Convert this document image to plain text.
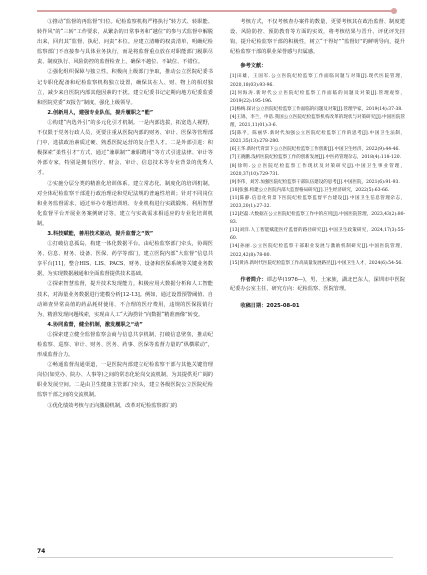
③推动“监督的再监督”归位。纪检监察机构严格执行“转方式、转职能、转作风”的“三转”工作要求，从繁杂的日常事务和“越位”的参与式监督中解脱出来，回归其“监督、执纪、问责”本位。应建立清晰的权责清单，明确纪检监察部门不直接参与具体业务执行，而是将监督重点放在对职能部门履职尽责、制度执行、风险防控的监督检查上，确保不越位、不缺位、不错位。

②强化组织保障与独立性。积极向上级部门争取，推动公立医院纪委书记专职化配备和纪检监察机构独立设置，确保其在人、财、物上的相对独立，减少来自医院内部其他因素的干扰。建立纪委书记定期向地方纪委监委和医院党委“双报告”制度，强化上级领导。

2.创新用人，建强专业队伍，提升履职之“能”

①构建“内选外引”的多元化引才机制。一是内部选拔，拓宽选人视野，不仅限于党务行政人员，更要注重从医院内部的财务、审计、医保等管理部门中，选拔政治素质过硬、熟悉医院运营的复合型人才。二是外部引进：积极探索“柔性引才”方式，通过“兼职制”“兼职聘用”等方式引进法律、审计等外部专家，特别是拥有医疗、财会、审计、信息技术等专业背景的优秀人才。

②实施分层分类的精准化培训体系。建立常态化、制度化的培训机制。对全体纪检监察干部进行政治理论和党纪法规的普遍性培训；针对不同岗位和业务监督需求，通过举办专题培训班、专业机构进行实践锻炼、利用智慧化监督平台开展业务案例研讨等，建立与实战需求相适应的专业化培训机制。

3.科技赋能，善用技术驱动，提升监督之“效”

①打破信息孤岛，构建一体化数据平台。由纪检监察部门牵头，协调医务、信息、财务、设备、医保、药学等部门，建立医院内部“大监督”信息共享平台[11]，整合HIS、LIS、PACS、财务、设备和医保系统等关键业务数据，为实现数据融通和全面监督提供技术基础。

②探索智慧监督，提升技术发现能力。积极应用大数据分析和人工智能技术，对海量业务数据进行建模分析[12-13]。例如，通过设置预警阈值、自动筛查异常高值的药品耗材使用、不合理的医疗费用，违规的医保报销行为，精准发现问题线索，实现由人工“大海捞针”向数据“精准画像”转变。

4.协同监督，健全机制，激发履职之“动”

①探索建立健全监督监察会商与信息共享机制，打破信息壁垒，推动纪检监察、巡察、审计、财务、医务、药事、医保等监督力量的“纵横联动”，形成监督合力。

②畅通监督沟通渠道，一是医院内部建立纪检监察干部与其他关键管理岗位(如党办、院办、人事等)之间的常态化轮岗交流机制，为其提供更广阔的职业发展空间。二是由卫生健康主管部门牵头，建立各级医院公立医院纪检监察干部之间的交流机制。

③优化绩效考核与正向激励机制，改革对纪检监察部门的

考核方式，不仅考核查办案件的数量，更要考核其在政治监督、制度建设、风险防控、预防教育等方面的实效，将考核结果与晋升、评优评先挂钩，提升纪检监察干部的积极性，树立“干得好”“监督好”的鲜明导向，提升纪检监察干部的职业荣誉感与归属感。

参考文献：
[1]田雄，王国军.公立医院纪检监察工作面临问题与对策[J].现代医院管理，2020,18(03):93-96.
[2]何海涛.新时代公立医院纪检监察工作面临的问题及对策[J].管理观察，2019(22):195-196.
[3]杨梅.探讨公立医院纪检监察工作面临的问题及对策[J].管理学家，2019(14):37-38.
[4]王锦，李兰，申蓓.我国公立医院纪检监察机构改革的现状与对策研究[J].中国医院管理，2021,11(01):3-6.
[5]陈平，陈丽华.新时代加强公立医院纪检监察工作的思考[J].中国卫生法制，2021,35(13):278-280.
[6]王华.新时代背景下公立医院纪检监察工作创新[J].中国卫生经济，2022(9):44-46.
[7]王晓鹏.浅析医院纪检监察工作的创新发展[J].中医药管理杂志，2018(4):118-120.
[8]徐明.公立医院纪检监察工作现状及对策研究[J].中国卫生事业管理，2020,37(10):729-731.
[9]李伟，刘芳.加强医院纪检监察干部队伍建设的思考[J].中国医院，2021(6):91-93.
[10]张强.构建公立医院内部大监督格局研究[J].卫生经济研究，2022(5):63-66.
[11]陈静.信息化背景下医院纪检监察监督平台建设[J].中国卫生信息管理杂志，2023,20(1):27-32.
[12]赵磊.大数据在公立医院纪检监察工作中的应用[J].中国医院管理，2023,43(2):80-83.
[13]刘洋.人工智能赋能医疗监督的路径研究[J].中国卫生政策研究，2024,17(3):55-60.
[14]孙丽.公立医院纪检监察干部职业发展与激励机制研究[J].中国医院管理，2022,42(8):78-80.
[15]黄涛.新时代医院纪检监察工作高质量发展路径[J].中国卫生人才，2024(6):54-56.
作者简介：谭志华(1976—)，男，土家族，湖北巴东人，深圳市中医院纪委办公室主任，研究方向：纪检监察、医院管理。
收稿日期：2025-08-01
74
